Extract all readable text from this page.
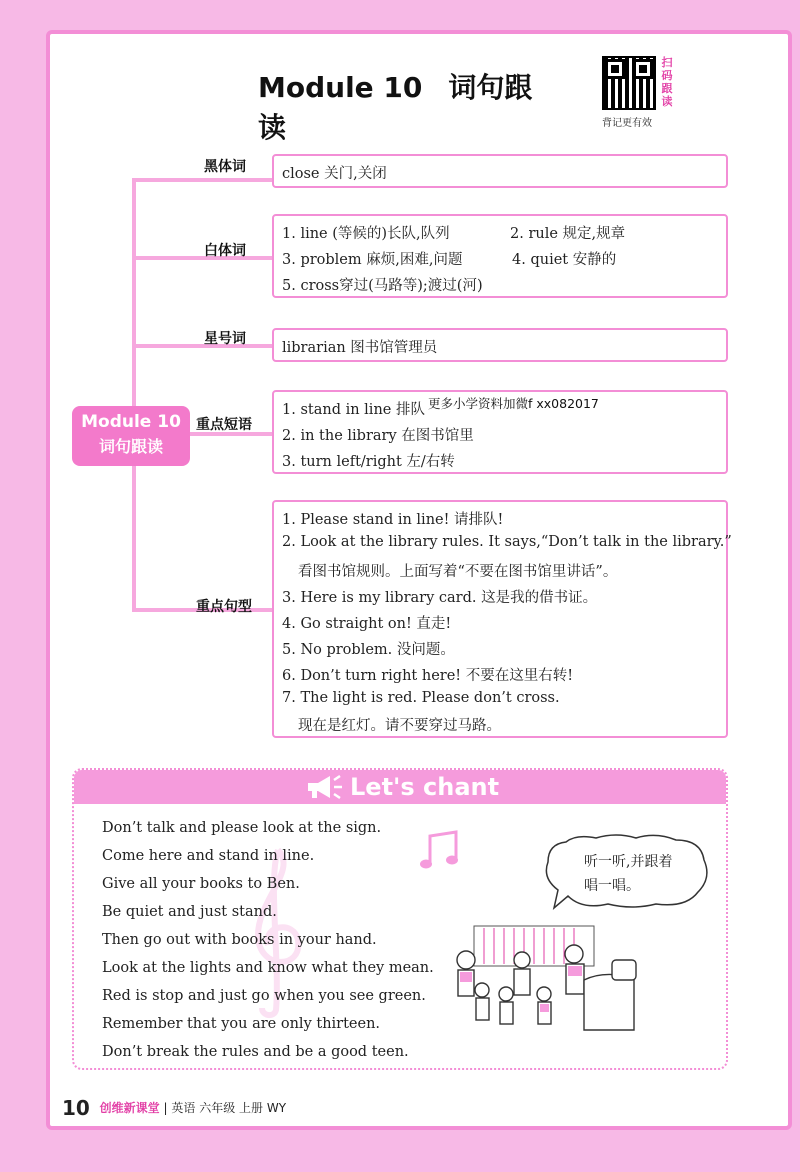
Module 10 词句跟读
扫码跟读
背记更有效
Module 10
词句跟读
黑体词
白体词
星号词
重点短语
重点句型
close 关门,关闭
1. line (等候的)长队,队列	2. rule 规定,规章
3. problem 麻烦,困难,问题	4. quiet 安静的
5. cross穿过(马路等);渡过(河)
librarian 图书馆管理员
1. stand in line 排队
2. in the library 在图书馆里
3. turn left/right 左/右转
更多小学资料加微f xx082017
1. Please stand in line! 请排队!
2. Look at the library rules. It says,“Don’t talk in the library.”
看图书馆规则。上面写着“不要在图书馆里讲话”。
3. Here is my library card. 这是我的借书证。
4. Go straight on! 直走!
5. No problem. 没问题。
6. Don’t turn right here! 不要在这里右转!
7. The light is red. Please don’t cross.
现在是红灯。请不要穿过马路。
Let's chant
Don’t talk and please look at the sign.
Come here and stand in line.
Give all your books to Ben.
Be quiet and just stand.
Then go out with books in your hand.
Look at the lights and know what they mean.
Red is stop and just go when you see green.
Remember that you are only thirteen.
Don’t break the rules and be a good teen.
听一听,并跟着
唱一唱。
10 创维新课堂 | 英语 六年级 上册 WY
